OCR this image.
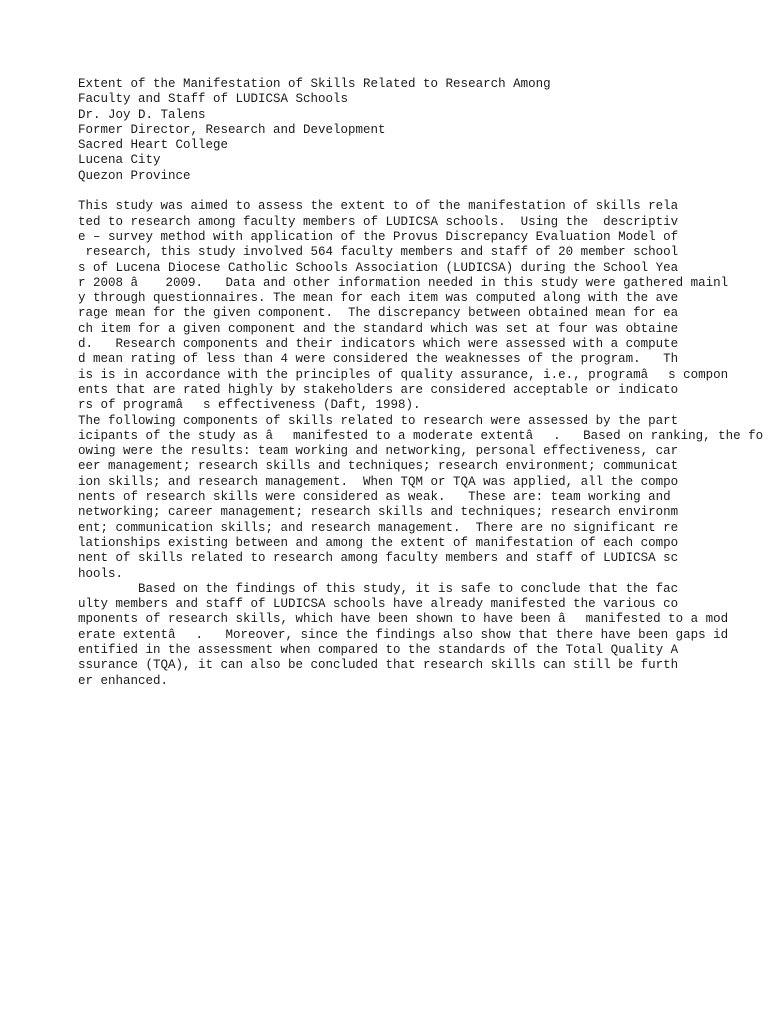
Extent of the Manifestation of Skills Related to Research Among
Faculty and Staff of LUDICSA Schools
Dr. Joy D. Talens
Former Director, Research and Development
Sacred Heart College
Lucena City
Quezon Province
This study was aimed to assess the extent to of the manifestation of skills rela
ted to research among faculty members of LUDICSA schools.  Using the  descriptiv
e – survey method with application of the Provus Discrepancy Evaluation Model of
research, this study involved 564 faculty members and staff of 20 member school
s of Lucena Diocese Catholic Schools Association (LUDICSA) during the School Yea
r 2008 â 2009.   Data and other information needed in this study were gathered mainl
y through questionnaires. The mean for each item was computed along with the ave
rage mean for the given component.  The discrepancy between obtained mean for ea
ch item for a given component and the standard which was set at four was obtaine
d.   Research components and their indicators which were assessed with a compute
d mean rating of less than 4 were considered the weaknesses of the program.   Th
is is in accordance with the principles of quality assurance, i.e., programâs compon
ents that are rated highly by stakeholders are considered acceptable or indicato
rs of programâs effectiveness (Daft, 1998).
The following components of skills related to research were assessed by the part
icipants of the study as âmanifested to a moderate extentâ.   Based on ranking, the fo
owing were the results: team working and networking, personal effectiveness, car
eer management; research skills and techniques; research environment; communicat
ion skills; and research management.  When TQM or TQA was applied, all the compo
nents of research skills were considered as weak.   These are: team working and
networking; career management; research skills and techniques; research environm
ent; communication skills; and research management.  There are no significant re
lationships existing between and among the extent of manifestation of each compo
nent of skills related to research among faculty members and staff of LUDICSA sc
hools.
Based on the findings of this study, it is safe to conclude that the fac
ulty members and staff of LUDICSA schools have already manifested the various co
mponents of research skills, which have been shown to have been âmanifested to a mod
erate extentâ.   Moreover, since the findings also show that there have been gaps id
entified in the assessment when compared to the standards of the Total Quality A
ssurance (TQA), it can also be concluded that research skills can still be furth
er enhanced.
